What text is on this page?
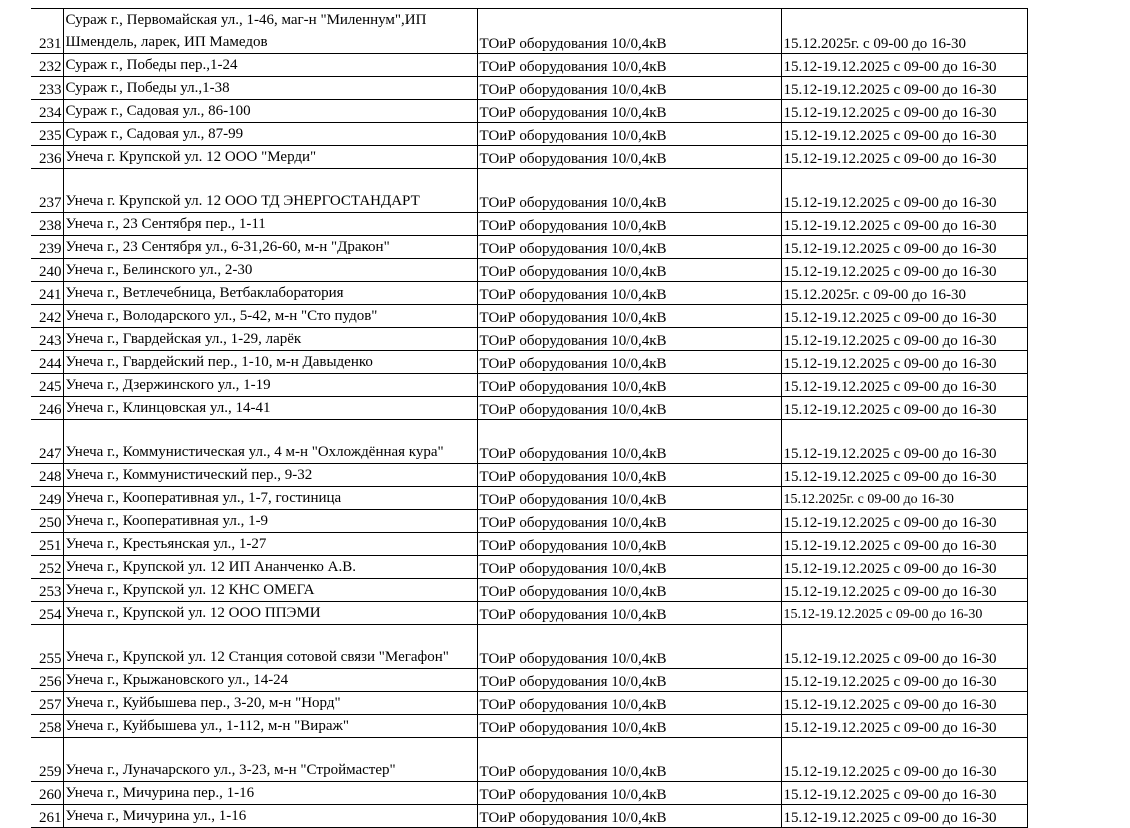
231	Сураж г., Первомайская ул., 1-46, маг-н "Миленнум",ИП Шмендель, ларек, ИП Мамедов	ТОиР оборудования 10/0,4кВ	15.12.2025г. с 09-00 до 16-30
232	Сураж г., Победы пер.,1-24	ТОиР оборудования 10/0,4кВ	15.12-19.12.2025 с 09-00 до 16-30
233	Сураж г., Победы ул.,1-38	ТОиР оборудования 10/0,4кВ	15.12-19.12.2025 с 09-00 до 16-30
234	Сураж г., Садовая ул., 86-100	ТОиР оборудования 10/0,4кВ	15.12-19.12.2025 с 09-00 до 16-30
235	Сураж г., Садовая ул., 87-99	ТОиР оборудования 10/0,4кВ	15.12-19.12.2025 с 09-00 до 16-30
236	Унеча г. Крупской ул. 12 ООО "Мерди"	ТОиР оборудования 10/0,4кВ	15.12-19.12.2025 с 09-00 до 16-30
237	Унеча г. Крупской ул. 12 ООО ТД ЭНЕРГОСТАНДАРТ	ТОиР оборудования 10/0,4кВ	15.12-19.12.2025 с 09-00 до 16-30
238	Унеча г., 23 Сентября пер., 1-11	ТОиР оборудования 10/0,4кВ	15.12-19.12.2025 с 09-00 до 16-30
239	Унеча г., 23 Сентября ул., 6-31,26-60, м-н "Дракон"	ТОиР оборудования 10/0,4кВ	15.12-19.12.2025 с 09-00 до 16-30
240	Унеча г., Белинского ул., 2-30	ТОиР оборудования 10/0,4кВ	15.12-19.12.2025 с 09-00 до 16-30
241	Унеча г., Ветлечебница, Ветбаклаборатория	ТОиР оборудования 10/0,4кВ	15.12.2025г. с 09-00 до 16-30
242	Унеча г., Володарского ул., 5-42, м-н "Сто пудов"	ТОиР оборудования 10/0,4кВ	15.12-19.12.2025 с 09-00 до 16-30
243	Унеча г., Гвардейская ул., 1-29, ларёк	ТОиР оборудования 10/0,4кВ	15.12-19.12.2025 с 09-00 до 16-30
244	Унеча г., Гвардейский пер., 1-10, м-н Давыденко	ТОиР оборудования 10/0,4кВ	15.12-19.12.2025 с 09-00 до 16-30
245	Унеча г., Дзержинского ул., 1-19	ТОиР оборудования 10/0,4кВ	15.12-19.12.2025 с 09-00 до 16-30
246	Унеча г., Клинцовская ул., 14-41	ТОиР оборудования 10/0,4кВ	15.12-19.12.2025 с 09-00 до 16-30
247	Унеча г., Коммунистическая ул., 4 м-н "Охлождённая кура"	ТОиР оборудования 10/0,4кВ	15.12-19.12.2025 с 09-00 до 16-30
248	Унеча г., Коммунистический пер., 9-32	ТОиР оборудования 10/0,4кВ	15.12-19.12.2025 с 09-00 до 16-30
249	Унеча г., Кооперативная ул., 1-7, гостиница	ТОиР оборудования 10/0,4кВ	15.12.2025г. с 09-00 до 16-30
250	Унеча г., Кооперативная ул., 1-9	ТОиР оборудования 10/0,4кВ	15.12-19.12.2025 с 09-00 до 16-30
251	Унеча г., Крестьянская ул., 1-27	ТОиР оборудования 10/0,4кВ	15.12-19.12.2025 с 09-00 до 16-30
252	Унеча г., Крупской ул. 12 ИП Ананченко А.В.	ТОиР оборудования 10/0,4кВ	15.12-19.12.2025 с 09-00 до 16-30
253	Унеча г., Крупской ул. 12 КНС ОМЕГА	ТОиР оборудования 10/0,4кВ	15.12-19.12.2025 с 09-00 до 16-30
254	Унеча г., Крупской ул. 12 ООО ППЭМИ	ТОиР оборудования 10/0,4кВ	15.12-19.12.2025 с 09-00 до 16-30
255	Унеча г., Крупской ул. 12 Станция сотовой связи "Мегафон"	ТОиР оборудования 10/0,4кВ	15.12-19.12.2025 с 09-00 до 16-30
256	Унеча г., Крыжановского ул., 14-24	ТОиР оборудования 10/0,4кВ	15.12-19.12.2025 с 09-00 до 16-30
257	Унеча г., Куйбышева пер., 3-20, м-н "Норд"	ТОиР оборудования 10/0,4кВ	15.12-19.12.2025 с 09-00 до 16-30
258	Унеча г., Куйбышева ул., 1-112, м-н "Вираж"	ТОиР оборудования 10/0,4кВ	15.12-19.12.2025 с 09-00 до 16-30
259	Унеча г., Луначарского ул., 3-23, м-н "Строймастер"	ТОиР оборудования 10/0,4кВ	15.12-19.12.2025 с 09-00 до 16-30
260	Унеча г., Мичурина пер., 1-16	ТОиР оборудования 10/0,4кВ	15.12-19.12.2025 с 09-00 до 16-30
261	Унеча г., Мичурина ул., 1-16	ТОиР оборудования 10/0,4кВ	15.12-19.12.2025 с 09-00 до 16-30
